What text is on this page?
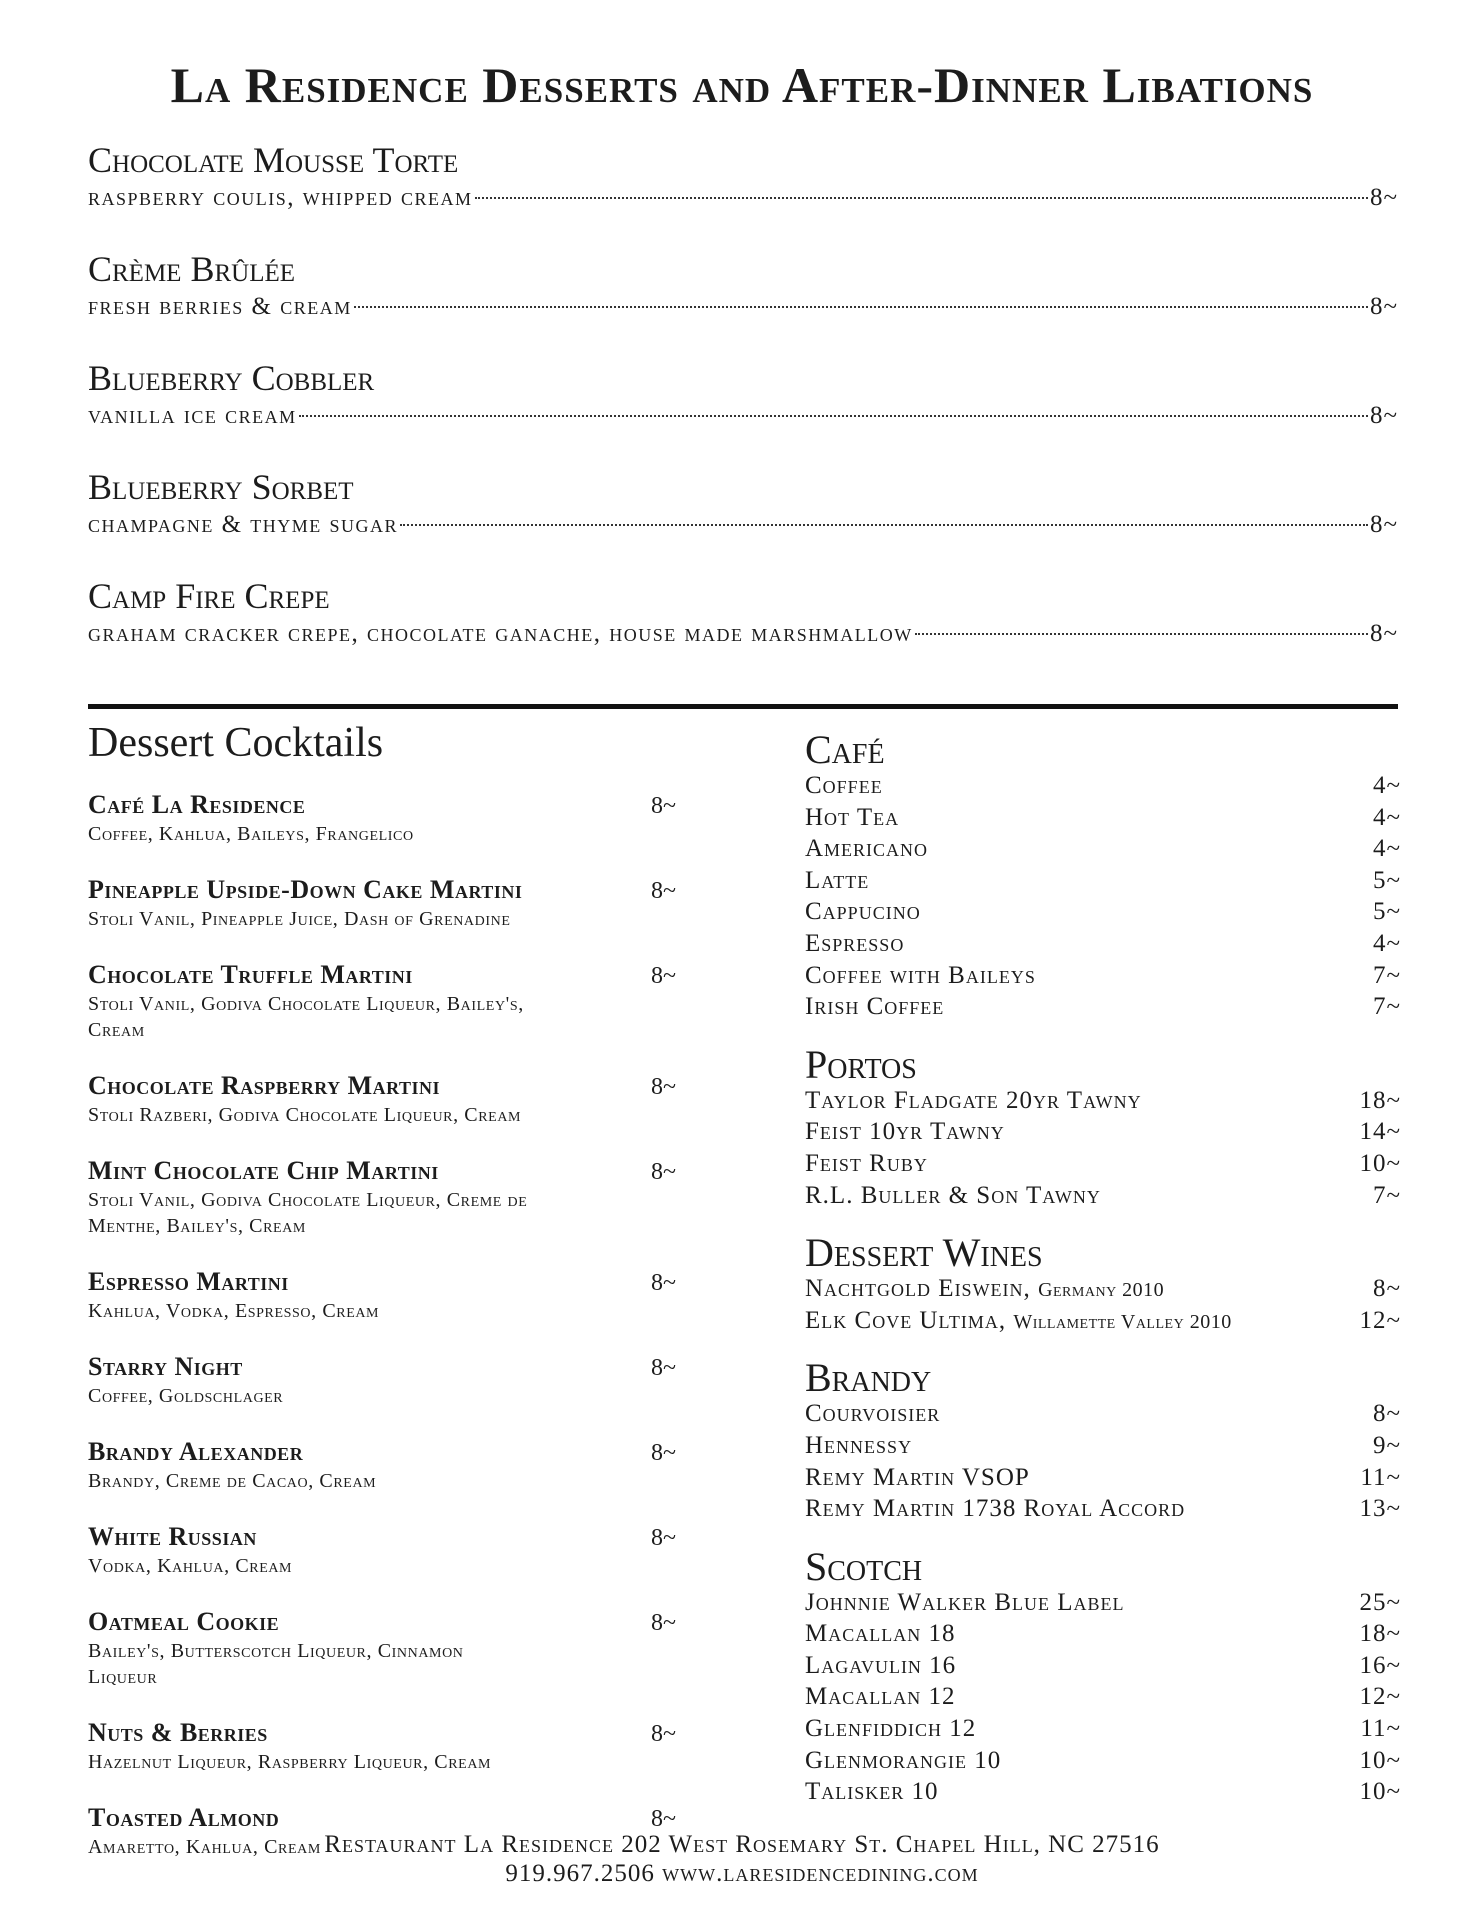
La Residence Desserts and After-Dinner Libations
Chocolate Mousse Torte
raspberry coulis, whipped cream	8~
Crème Brûlée
fresh berries & cream	8~
Blueberry Cobbler
vanilla ice cream	8~
Blueberry Sorbet
champagne & thyme sugar	8~
Camp Fire Crepe
graham cracker crepe, chocolate ganache, house made marshmallow	8~
Dessert Cocktails
Café La Residence	8~
Coffee, Kahlua, Baileys, Frangelico
Pineapple Upside-Down Cake Martini	8~
Stoli Vanil, Pineapple Juice, Dash of Grenadine
Chocolate Truffle Martini	8~
Stoli Vanil, Godiva Chocolate Liqueur, Bailey's, Cream
Chocolate Raspberry Martini	8~
Stoli Razberi, Godiva Chocolate Liqueur, Cream
Mint Chocolate Chip Martini	8~
Stoli Vanil, Godiva Chocolate Liqueur, Creme de Menthe, Bailey's, Cream
Espresso Martini	8~
Kahlua, Vodka, Espresso, Cream
Starry Night	8~
Coffee, Goldschlager
Brandy Alexander	8~
Brandy, Creme de Cacao, Cream
White Russian	8~
Vodka, Kahlua, Cream
Oatmeal Cookie	8~
Bailey's, Butterscotch Liqueur, Cinnamon Liqueur
Nuts & Berries	8~
Hazelnut Liqueur, Raspberry Liqueur, Cream
Toasted Almond	8~
Amaretto, Kahlua, Cream
Café
Coffee	4~
Hot Tea	4~
Americano	4~
Latte	5~
Cappucino	5~
Espresso	4~
Coffee with Baileys	7~
Irish Coffee	7~
Portos
Taylor Fladgate 20yr Tawny	18~
Feist 10yr Tawny	14~
Feist Ruby	10~
R.L. Buller & Son Tawny	7~
Dessert Wines
Nachtgold Eiswein, Germany 2010	8~
Elk Cove Ultima, Willamette Valley 2010	12~
Brandy
Courvoisier	8~
Hennessy	9~
Remy Martin VSOP	11~
Remy Martin 1738 Royal Accord	13~
Scotch
Johnnie Walker Blue Label	25~
Macallan 18	18~
Lagavulin 16	16~
Macallan 12	12~
Glenfiddich 12	11~
Glenmorangie 10	10~
Talisker 10	10~
Restaurant La Residence 202 West Rosemary St. Chapel Hill, NC 27516
919.967.2506 www.laresidencedining.com
